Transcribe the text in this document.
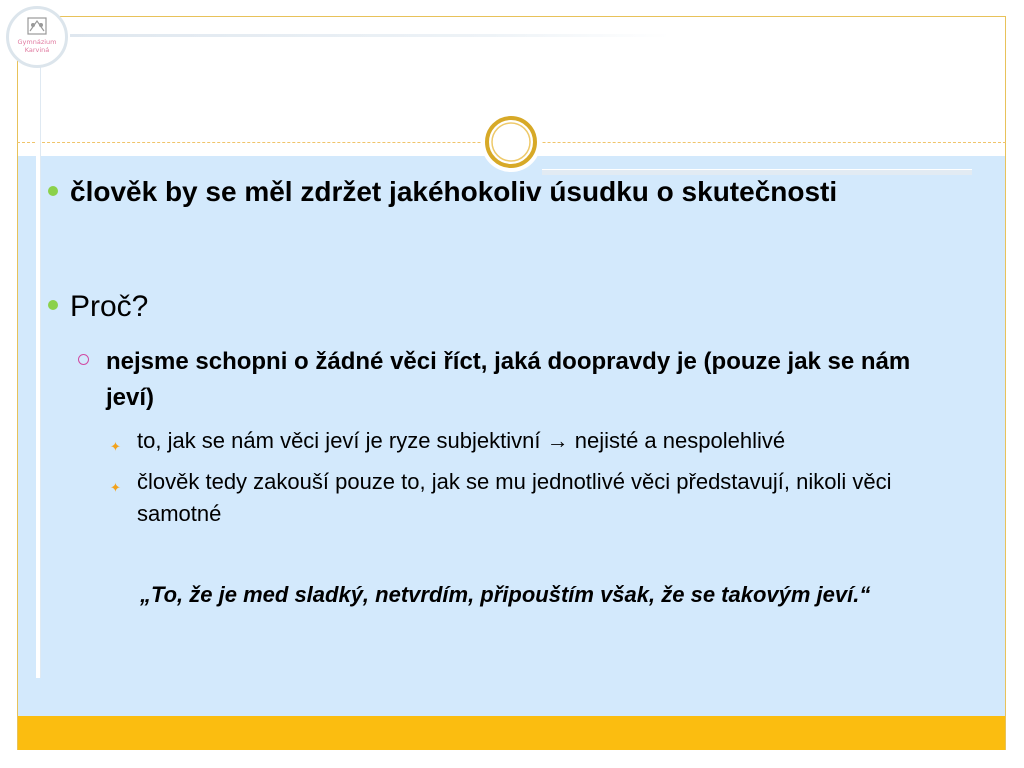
Gymnázium
Karviná
člověk by se měl zdržet jakéhokoliv úsudku o skutečnosti
Proč?
nejsme schopni o žádné věci říct, jaká doopravdy je (pouze jak se nám jeví)
✦ to, jak se nám věci jeví je ryze subjektivní → nejisté a nespolehlivé
✦ člověk tedy zakouší pouze to, jak se mu jednotlivé věci představují, nikoli věci samotné
„To, že je med sladký, netvrdím, připouštím však, že se takovým jeví.“
